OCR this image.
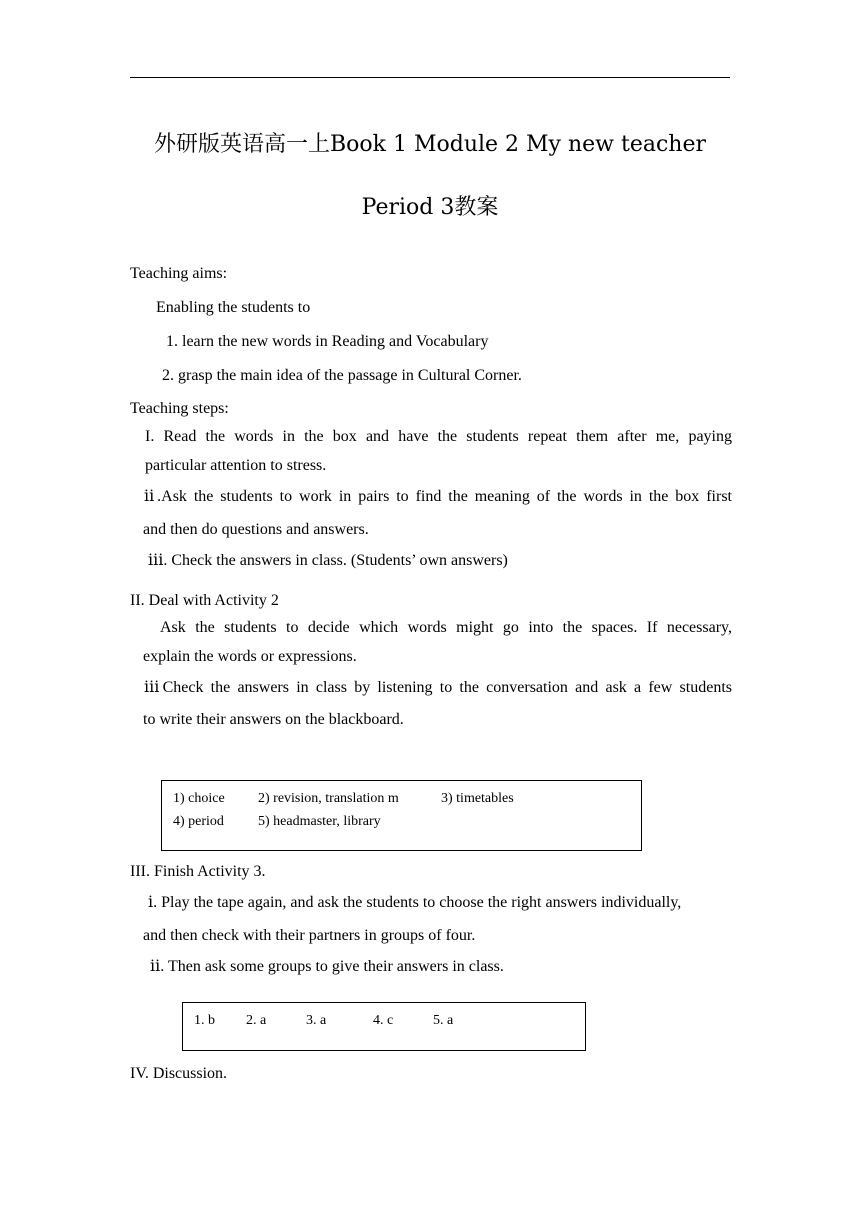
外研版英语高一上Book 1 Module 2 My new teacher
Period 3教案
Teaching aims:
Enabling the students to
1. learn the new words in Reading and Vocabulary
2. grasp the main idea of the passage in Cultural Corner.
Teaching steps:
I. Read the words in the box and have the students repeat them after me, paying
particular attention to stress.
ⅱ.Ask the students to work in pairs to find the meaning of the words in the box first
and then do questions and answers.
ⅲ. Check the answers in class. (Students’ own answers)
II. Deal with Activity 2
Ask the students to decide which words might go into the spaces. If necessary,
explain the words or expressions.
ⅲCheck the answers in class by listening to the conversation and ask a few students
to write their answers on the blackboard.
1) choice 2) revision, translation m	3) timetables
4) period 5) headmaster, library
III. Finish Activity 3.
ⅰ. Play the tape again, and ask the students to choose the right answers individually,
and then check with their partners in groups of four.
ⅱ. Then ask some groups to give their answers in class.
1. b 2. a	3. a	4. c	5. a
IV. Discussion.
